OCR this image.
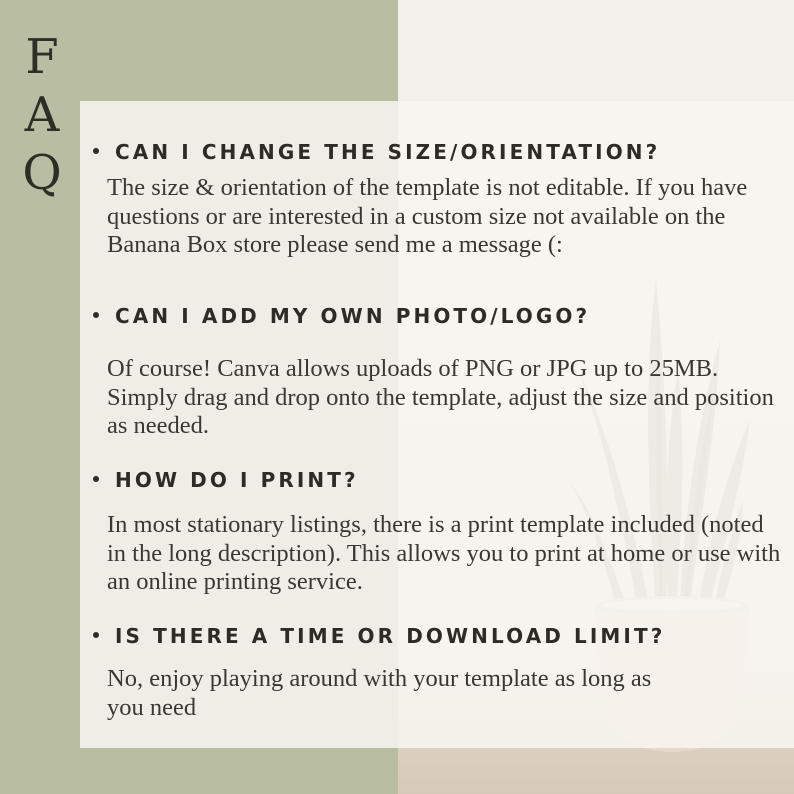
F
A
Q	CAN I CHANGE THE SIZE/ORIENTATION?
The size & orientation of the template is not editable. If you have questions or are interested in a custom size not available on the Banana Box store please send me a message (:
CAN I ADD MY OWN PHOTO/LOGO?
Of course! Canva allows uploads of PNG or JPG up to 25MB. Simply drag and drop onto the template, adjust the size and position as needed.
HOW DO I PRINT?
In most stationary listings, there is a print template included (noted in the long description). This allows you to print at home or use with an online printing service.
IS THERE A TIME OR DOWNLOAD LIMIT?
No, enjoy playing around with your template as long as you need
